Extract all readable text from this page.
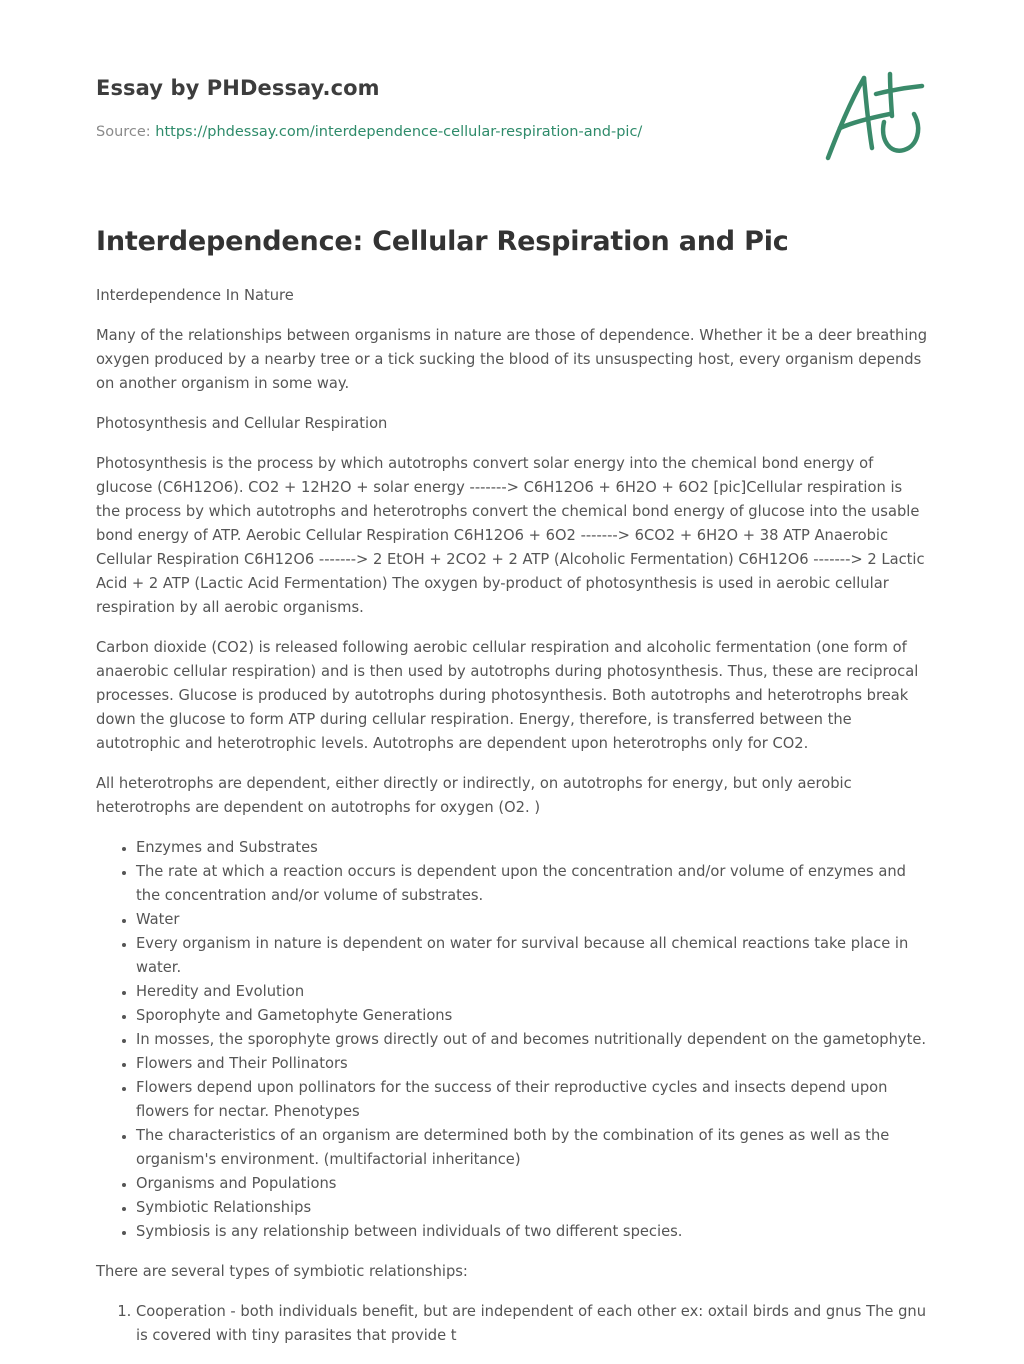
Essay by PHDessay.com
Source: https://phdessay.com/interdependence-cellular-respiration-and-pic/
Interdependence: Cellular Respiration and Pic

Interdependence In Nature

Many of the relationships between organisms in nature are those of dependence. Whether it be a deer breathing oxygen produced by a nearby tree or a tick sucking the blood of its unsuspecting host, every organism depends on another organism in some way.

Photosynthesis and Cellular Respiration

Photosynthesis is the process by which autotrophs convert solar energy into the chemical bond energy of glucose (C6H12O6). CO2 + 12H2O + solar energy -------> C6H12O6 + 6H2O + 6O2 [pic]Cellular respiration is the process by which autotrophs and heterotrophs convert the chemical bond energy of glucose into the usable bond energy of ATP. Aerobic Cellular Respiration C6H12O6 + 6O2 -------> 6CO2 + 6H2O + 38 ATP Anaerobic Cellular Respiration C6H12O6 -------> 2 EtOH + 2CO2 + 2 ATP (Alcoholic Fermentation) C6H12O6 -------> 2 Lactic Acid + 2 ATP (Lactic Acid Fermentation) The oxygen by-product of photosynthesis is used in aerobic cellular respiration by all aerobic organisms.

Carbon dioxide (CO2) is released following aerobic cellular respiration and alcoholic fermentation (one form of anaerobic cellular respiration) and is then used by autotrophs during photosynthesis. Thus, these are reciprocal processes. Glucose is produced by autotrophs during photosynthesis. Both autotrophs and heterotrophs break down the glucose to form ATP during cellular respiration. Energy, therefore, is transferred between the autotrophic and heterotrophic levels. Autotrophs are dependent upon heterotrophs only for CO2.

All heterotrophs are dependent, either directly or indirectly, on autotrophs for energy, but only aerobic heterotrophs are dependent on autotrophs for oxygen (O2. )

• Enzymes and Substrates
• The rate at which a reaction occurs is dependent upon the concentration and/or volume of enzymes and the concentration and/or volume of substrates.
• Water
• Every organism in nature is dependent on water for survival because all chemical reactions take place in water.
• Heredity and Evolution
• Sporophyte and Gametophyte Generations
• In mosses, the sporophyte grows directly out of and becomes nutritionally dependent on the gametophyte.
• Flowers and Their Pollinators
• Flowers depend upon pollinators for the success of their reproductive cycles and insects depend upon flowers for nectar. Phenotypes
• The characteristics of an organism are determined both by the combination of its genes as well as the organism's environment. (multifactorial inheritance)
• Organisms and Populations
• Symbiotic Relationships
• Symbiosis is any relationship between individuals of two different species.

There are several types of symbiotic relationships:

1. Cooperation - both individuals benefit, but are independent of each other ex: oxtail birds and gnus The gnu is covered with tiny parasites that provide t
